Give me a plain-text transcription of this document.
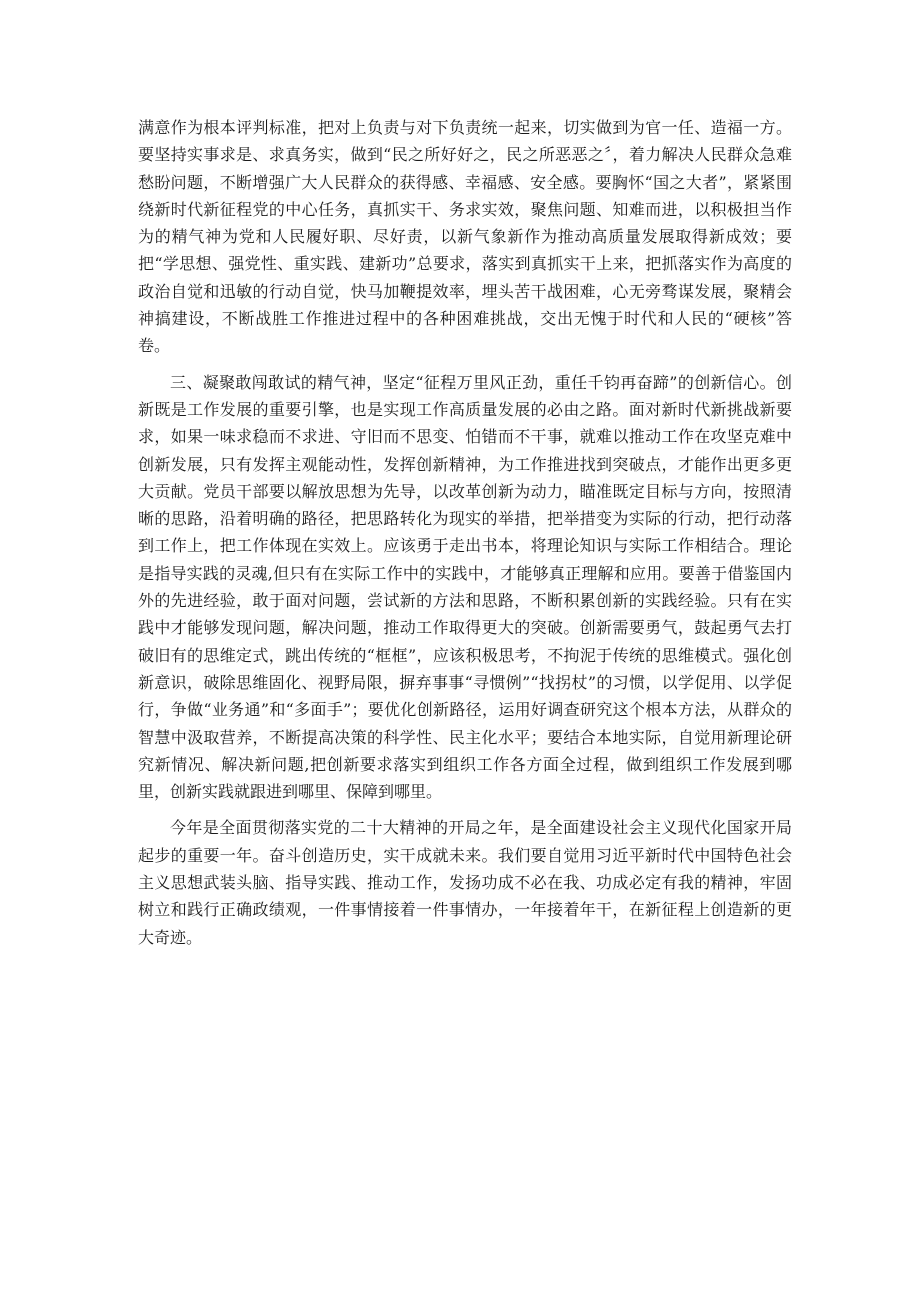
满意作为根本评判标准，把对上负责与对下负责统一起来，切实做到为官一任、造福一方。要坚持实事求是、求真务实，做到“民之所好好之，民之所恶恶之〞，着力解决人民群众急难愁盼问题，不断增强广大人民群众的获得感、幸福感、安全感。要胸怀“国之大者”，紧紧围绕新时代新征程党的中心任务，真抓实干、务求实效，聚焦问题、知难而进，以积极担当作为的精气神为党和人民履好职、尽好责，以新气象新作为推动高质量发展取得新成效；要把“学思想、强党性、重实践、建新功”总要求，落实到真抓实干上来，把抓落实作为高度的政治自觉和迅敏的行动自觉，快马加鞭提效率，埋头苦干战困难，心无旁骛谋发展，聚精会神搞建设，不断战胜工作推进过程中的各种困难挑战，交出无愧于时代和人民的“硬核”答卷。

三、凝聚敢闯敢试的精气神，坚定“征程万里风正劲，重任千钧再奋蹄”的创新信心。创新既是工作发展的重要引擎，也是实现工作高质量发展的必由之路。面对新时代新挑战新要求，如果一味求稳而不求进、守旧而不思变、怕错而不干事，就难以推动工作在攻坚克难中创新发展，只有发挥主观能动性，发挥创新精神，为工作推进找到突破点，才能作出更多更大贡献。党员干部要以解放思想为先导，以改革创新为动力，瞄准既定目标与方向，按照清晰的思路，沿着明确的路径，把思路转化为现实的举措，把举措变为实际的行动，把行动落到工作上，把工作体现在实效上。应该勇于走出书本，将理论知识与实际工作相结合。理论是指导实践的灵魂,但只有在实际工作中的实践中，才能够真正理解和应用。要善于借鉴国内外的先进经验，敢于面对问题，尝试新的方法和思路，不断积累创新的实践经验。只有在实践中才能够发现问题，解决问题，推动工作取得更大的突破。创新需要勇气，鼓起勇气去打破旧有的思维定式，跳出传统的“框框”，应该积极思考，不拘泥于传统的思维模式。强化创新意识，破除思维固化、视野局限，摒弃事事“寻惯例”“找拐杖”的习惯，以学促用、以学促行，争做“业务通”和“多面手”；要优化创新路径，运用好调查研究这个根本方法，从群众的智慧中汲取营养，不断提高决策的科学性、民主化水平；要结合本地实际，自觉用新理论研究新情况、解决新问题,把创新要求落实到组织工作各方面全过程，做到组织工作发展到哪里，创新实践就跟进到哪里、保障到哪里。

今年是全面贯彻落实党的二十大精神的开局之年，是全面建设社会主义现代化国家开局起步的重要一年。奋斗创造历史，实干成就未来。我们要自觉用习近平新时代中国特色社会主义思想武装头脑、指导实践、推动工作，发扬功成不必在我、功成必定有我的精神，牢固树立和践行正确政绩观，一件事情接着一件事情办，一年接着年干，在新征程上创造新的更大奇迹。
